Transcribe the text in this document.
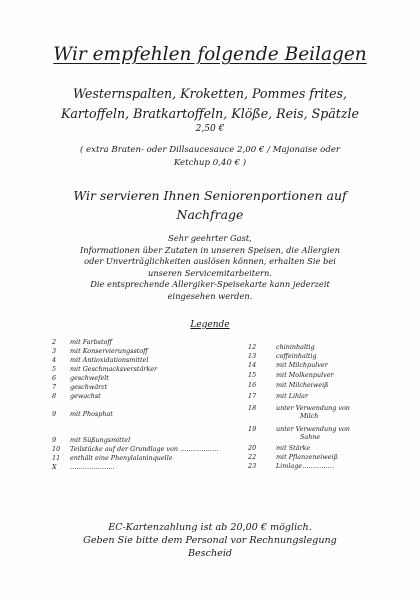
Wir empfehlen folgende Beilagen
Westernspalten, Kroketten, Pommes frites,
Kartoffeln, Bratkartoffeln, Klöße, Reis, Spätzle
2,50 €
( extra Braten- oder Dillsaucesauce 2,00 € / Majonaise oder
Ketchup 0,40 € )
Wir servieren Ihnen Seniorenportionen auf
Nachfrage
Sehr geehrter Gast,
Informationen über Zutaten in unseren Speisen, die Allergien
oder Unverträglichkeiten auslösen können, erhalten Sie bei
unseren Servicemitarbeitern.
Die entsprechende Allergiker-Speisekarte kann jederzeit
eingesehen werden.
Legende
2	mit Farbstoff
3	mit Konservierungsstoff
4	mit Antioxidationsmittel
5	mit Geschmacksverstärker
6	geschwefelt
7	geschwärzt
8	gewachst
9	mit Phosphat
9	mit Süßungsmittel
10	Teilstücke auf der Grundlage von ………………
11	enthält eine Phenylalaninquelle
X	…………………
12	chininhaltig
13	coffeinhaltig
14	mit Milchpulver
15	mit Molkenpulver
16	mit Milcheiweiß
17	mit Lihlar
18	unter Verwendung von
Milch
19	unter Verwendung von
Sahne
20	mit Stärke
22	mit Pflanzeneiweiß
23	Limlage……………
EC-Kartenzahlung ist ab 20,00 € möglich.
Geben Sie bitte dem Personal vor Rechnungslegung
Bescheid
